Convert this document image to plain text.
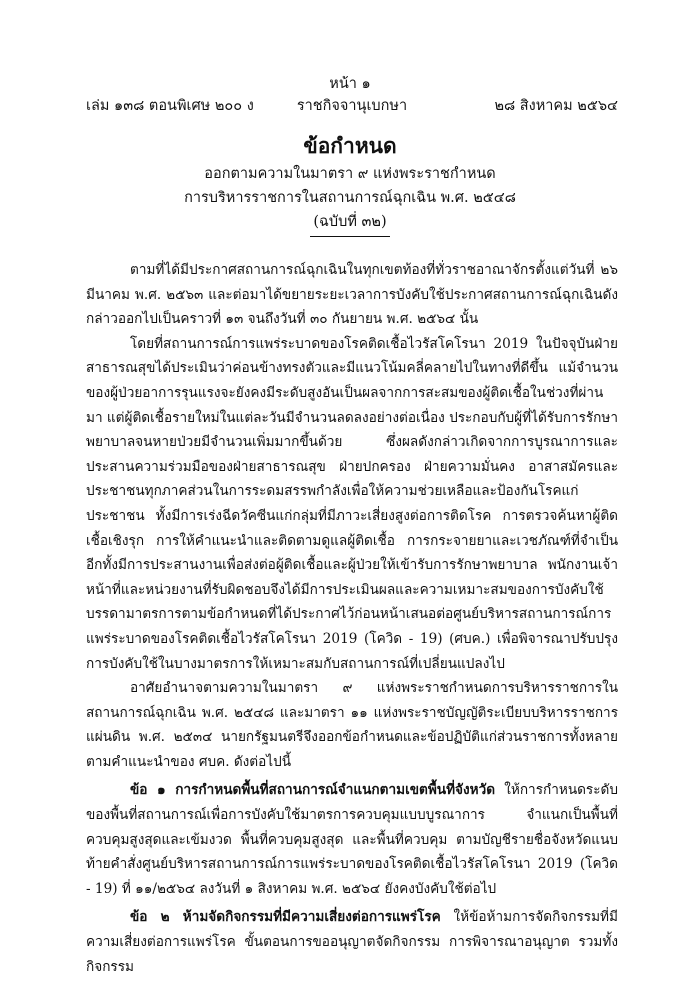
หน้า ๑
เล่ม ๑๓๘ ตอนพิเศษ ๒๐๐ ง	ราชกิจจานุเบกษา	๒๘ สิงหาคม ๒๕๖๔
ข้อกำหนด
ออกตามความในมาตรา ๙ แห่งพระราชกำหนด
การบริหารราชการในสถานการณ์ฉุกเฉิน พ.ศ. ๒๕๔๘
(ฉบับที่ ๓๒)

ตามที่ได้มีประกาศสถานการณ์ฉุกเฉินในทุกเขตท้องที่ทั่วราชอาณาจักรตั้งแต่วันที่ ๒๖ มีนาคม พ.ศ. ๒๕๖๓ และต่อมาได้ขยายระยะเวลาการบังคับใช้ประกาศสถานการณ์ฉุกเฉินดังกล่าวออกไปเป็นคราวที่ ๑๓ จนถึงวันที่ ๓๐ กันยายน พ.ศ. ๒๕๖๔ นั้น

โดยที่สถานการณ์การแพร่ระบาดของโรคติดเชื้อไวรัสโคโรนา 2019 ในปัจจุบันฝ่ายสาธารณสุขได้ประเมินว่าค่อนข้างทรงตัวและมีแนวโน้มคลี่คลายไปในทางที่ดีขึ้น แม้จำนวนของผู้ป่วยอาการรุนแรงจะยังคงมีระดับสูงอันเป็นผลจากการสะสมของผู้ติดเชื้อในช่วงที่ผ่านมา แต่ผู้ติดเชื้อรายใหม่ในแต่ละวันมีจำนวนลดลงอย่างต่อเนื่อง ประกอบกับผู้ที่ได้รับการรักษาพยาบาลจนหายป่วยมีจำนวนเพิ่มมากขึ้นด้วย ซึ่งผลดังกล่าวเกิดจากการบูรณาการและประสานความร่วมมือของฝ่ายสาธารณสุข ฝ่ายปกครอง ฝ่ายความมั่นคง อาสาสมัครและประชาชนทุกภาคส่วนในการระดมสรรพกำลังเพื่อให้ความช่วยเหลือและป้องกันโรคแก่ประชาชน ทั้งมีการเร่งฉีดวัคซีนแก่กลุ่มที่มีภาวะเสี่ยงสูงต่อการติดโรค การตรวจค้นหาผู้ติดเชื้อเชิงรุก การให้คำแนะนำและติดตามดูแลผู้ติดเชื้อ การกระจายยาและเวชภัณฑ์ที่จำเป็น อีกทั้งมีการประสานงานเพื่อส่งต่อผู้ติดเชื้อและผู้ป่วยให้เข้ารับการรักษาพยาบาล พนักงานเจ้าหน้าที่และหน่วยงานที่รับผิดชอบจึงได้มีการประเมินผลและความเหมาะสมของการบังคับใช้บรรดามาตรการตามข้อกำหนดที่ได้ประกาศไว้ก่อนหน้าเสนอต่อศูนย์บริหารสถานการณ์การแพร่ระบาดของโรคติดเชื้อไวรัสโคโรนา 2019 (โควิด - 19) (ศบค.) เพื่อพิจารณาปรับปรุงการบังคับใช้ในบางมาตรการให้เหมาะสมกับสถานการณ์ที่เปลี่ยนแปลงไป

อาศัยอำนาจตามความในมาตรา ๙ แห่งพระราชกำหนดการบริหารราชการในสถานการณ์ฉุกเฉิน พ.ศ. ๒๕๔๘ และมาตรา ๑๑ แห่งพระราชบัญญัติระเบียบบริหารราชการแผ่นดิน พ.ศ. ๒๕๓๔ นายกรัฐมนตรีจึงออกข้อกำหนดและข้อปฏิบัติแก่ส่วนราชการทั้งหลายตามคำแนะนำของ ศบค. ดังต่อไปนี้

ข้อ ๑ การกำหนดพื้นที่สถานการณ์จำแนกตามเขตพื้นที่จังหวัด ให้การกำหนดระดับของพื้นที่สถานการณ์เพื่อการบังคับใช้มาตรการควบคุมแบบบูรณาการ จำแนกเป็นพื้นที่ควบคุมสูงสุดและเข้มงวด พื้นที่ควบคุมสูงสุด และพื้นที่ควบคุม ตามบัญชีรายชื่อจังหวัดแนบท้ายคำสั่งศูนย์บริหารสถานการณ์การแพร่ระบาดของโรคติดเชื้อไวรัสโคโรนา 2019 (โควิด - 19) ที่ ๑๑/๒๕๖๔ ลงวันที่ ๑ สิงหาคม พ.ศ. ๒๕๖๔ ยังคงบังคับใช้ต่อไป

ข้อ ๒ ห้ามจัดกิจกรรมที่มีความเสี่ยงต่อการแพร่โรค ให้ข้อห้ามการจัดกิจกรรมที่มีความเสี่ยงต่อการแพร่โรค ขั้นตอนการขออนุญาตจัดกิจกรรม การพิจารณาอนุญาต รวมทั้งกิจกรรม
